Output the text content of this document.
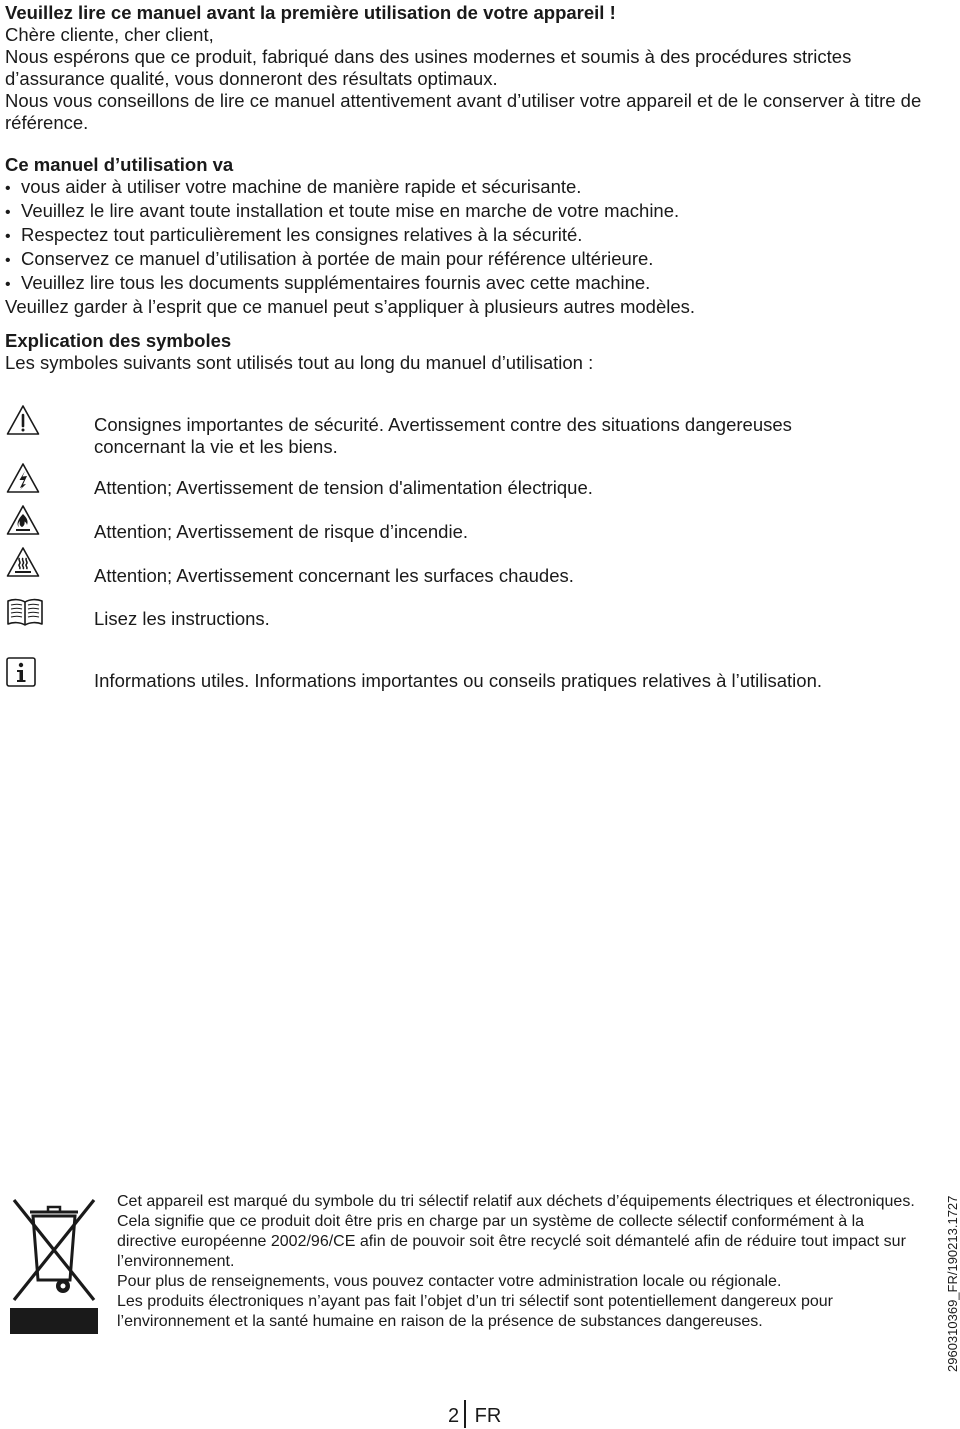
Veuillez lire ce manuel avant la première utilisation de votre appareil !

Chère cliente, cher client,

Nous espérons que ce produit, fabriqué dans des usines modernes et soumis à des procédures strictes d’assurance qualité, vous donneront des résultats optimaux.

Nous vous conseillons de lire ce manuel attentivement avant d’utiliser votre appareil et de le conserver à titre de référence.

Ce manuel d’utilisation va

• vous aider à utiliser votre machine de manière rapide et sécurisante.
• Veuillez le lire avant toute installation et toute mise en marche de votre machine.
• Respectez tout particulièrement les consignes relatives à la sécurité.
• Conservez ce manuel d’utilisation à portée de main pour référence ultérieure.
• Veuillez lire tous les documents supplémentaires fournis avec cette machine.

Veuillez garder à l’esprit que ce manuel peut s’appliquer à plusieurs autres modèles.

Explication des symboles

Les symboles suivants sont utilisés tout au long du manuel d’utilisation :

Consignes importantes de sécurité. Avertissement contre des situations dangereuses concernant la vie et les biens.
Attention; Avertissement de tension d'alimentation électrique.
Attention; Avertissement de risque d’incendie.
Attention; Avertissement concernant les surfaces chaudes.
Lisez les instructions.
Informations utiles. Informations importantes ou conseils pratiques relatives à l’utilisation.

Cet appareil est marqué du symbole du tri sélectif relatif aux déchets d’équipements électriques et électroniques.

Cela signifie que ce produit doit être pris en charge par un système de collecte sélectif conformément à la directive européenne 2002/96/CE afin de pouvoir soit être recyclé soit démantelé afin de réduire tout impact sur l’environnement.

Pour plus de renseignements, vous pouvez contacter votre administration locale ou régionale.

Les produits électroniques n’ayant pas fait l’objet d’un tri sélectif sont potentiellement dangereux pour l’environnement et la santé humaine en raison de la présence de substances dangereuses.	2960310369_FR/190213.1727
2 FR
